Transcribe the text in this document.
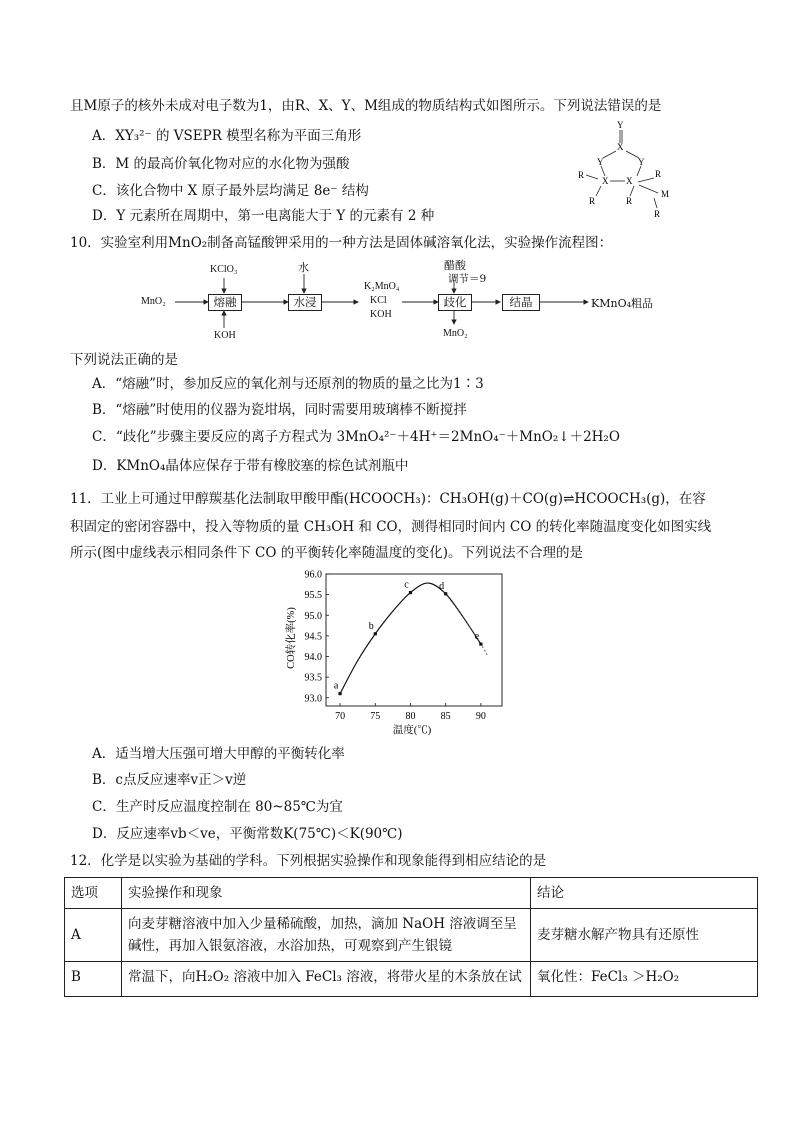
且M原子的核外未成对电子数为1，由R、X、Y、M组成的物质结构式如图所示。下列说法错误的是
A．XY₃²⁻ 的 VSEPR 模型名称为平面三角形
B．M 的最高价氧化物对应的水化物为强酸
C．该化合物中 X 原子最外层均满足 8e⁻ 结构
D．Y 元素所在周期中，第一电离能大于 Y 的元素有 2 种
Y
X
Y	Y
X X
R
R	R
R
M
R
10．实验室利用MnO₂制备高锰酸钾采用的一种方法是固体碱溶氧化法，实验操作流程图：
MnO₂
KClO₃
KOH
熔融
水
水浸
K₂MnO₄
KCl
KOH
醋酸
调节＝9
歧化
MnO₂
结晶	KMnO₄粗品
下列说法正确的是
A．“熔融”时，参加反应的氧化剂与还原剂的物质的量之比为1∶3
B．“熔融”时使用的仪器为瓷坩埚，同时需要用玻璃棒不断搅拌
C．“歧化”步骤主要反应的离子方程式为 3MnO₄²⁻＋4H⁺＝2MnO₄⁻＋MnO₂↓＋2H₂O
D．KMnO₄晶体应保存于带有橡胶塞的棕色试剂瓶中
11．工业上可通过甲醇羰基化法制取甲酸甲酯(HCOOCH₃)：CH₃OH(g)＋CO(g)⇌HCOOCH₃(g)，在容
积固定的密闭容器中，投入等物质的量 CH₃OH 和 CO，测得相同时间内 CO 的转化率随温度变化如图实线
所示(图中虚线表示相同条件下 CO 的平衡转化率随温度的变化)。下列说法不合理的是
93.0
93.5
94.0
94.5
95.0
95.5
96.0
70	75	80	85	90
a
b
c	d
e
CO转化率(%)
温度(℃)
A．适当增大压强可增大甲醇的平衡转化率
B．c点反应速率v正＞v逆
C．生产时反应温度控制在 80~85℃为宜
D．反应速率vb＜ve，平衡常数K(75℃)＜K(90℃)
12．化学是以实验为基础的学科。下列根据实验操作和现象能得到相应结论的是
选项	实验操作和现象	结论
A	向麦芽糖溶液中加入少量稀硫酸，加热，滴加 NaOH 溶液调至呈
碱性，再加入银氨溶液，水浴加热，可观察到产生银镜	麦芽糖水解产物具有还原性
B	常温下，向H₂O₂ 溶液中加入 FeCl₃ 溶液，将带火星的木条放在试	氧化性：FeCl₃ ＞H₂O₂
